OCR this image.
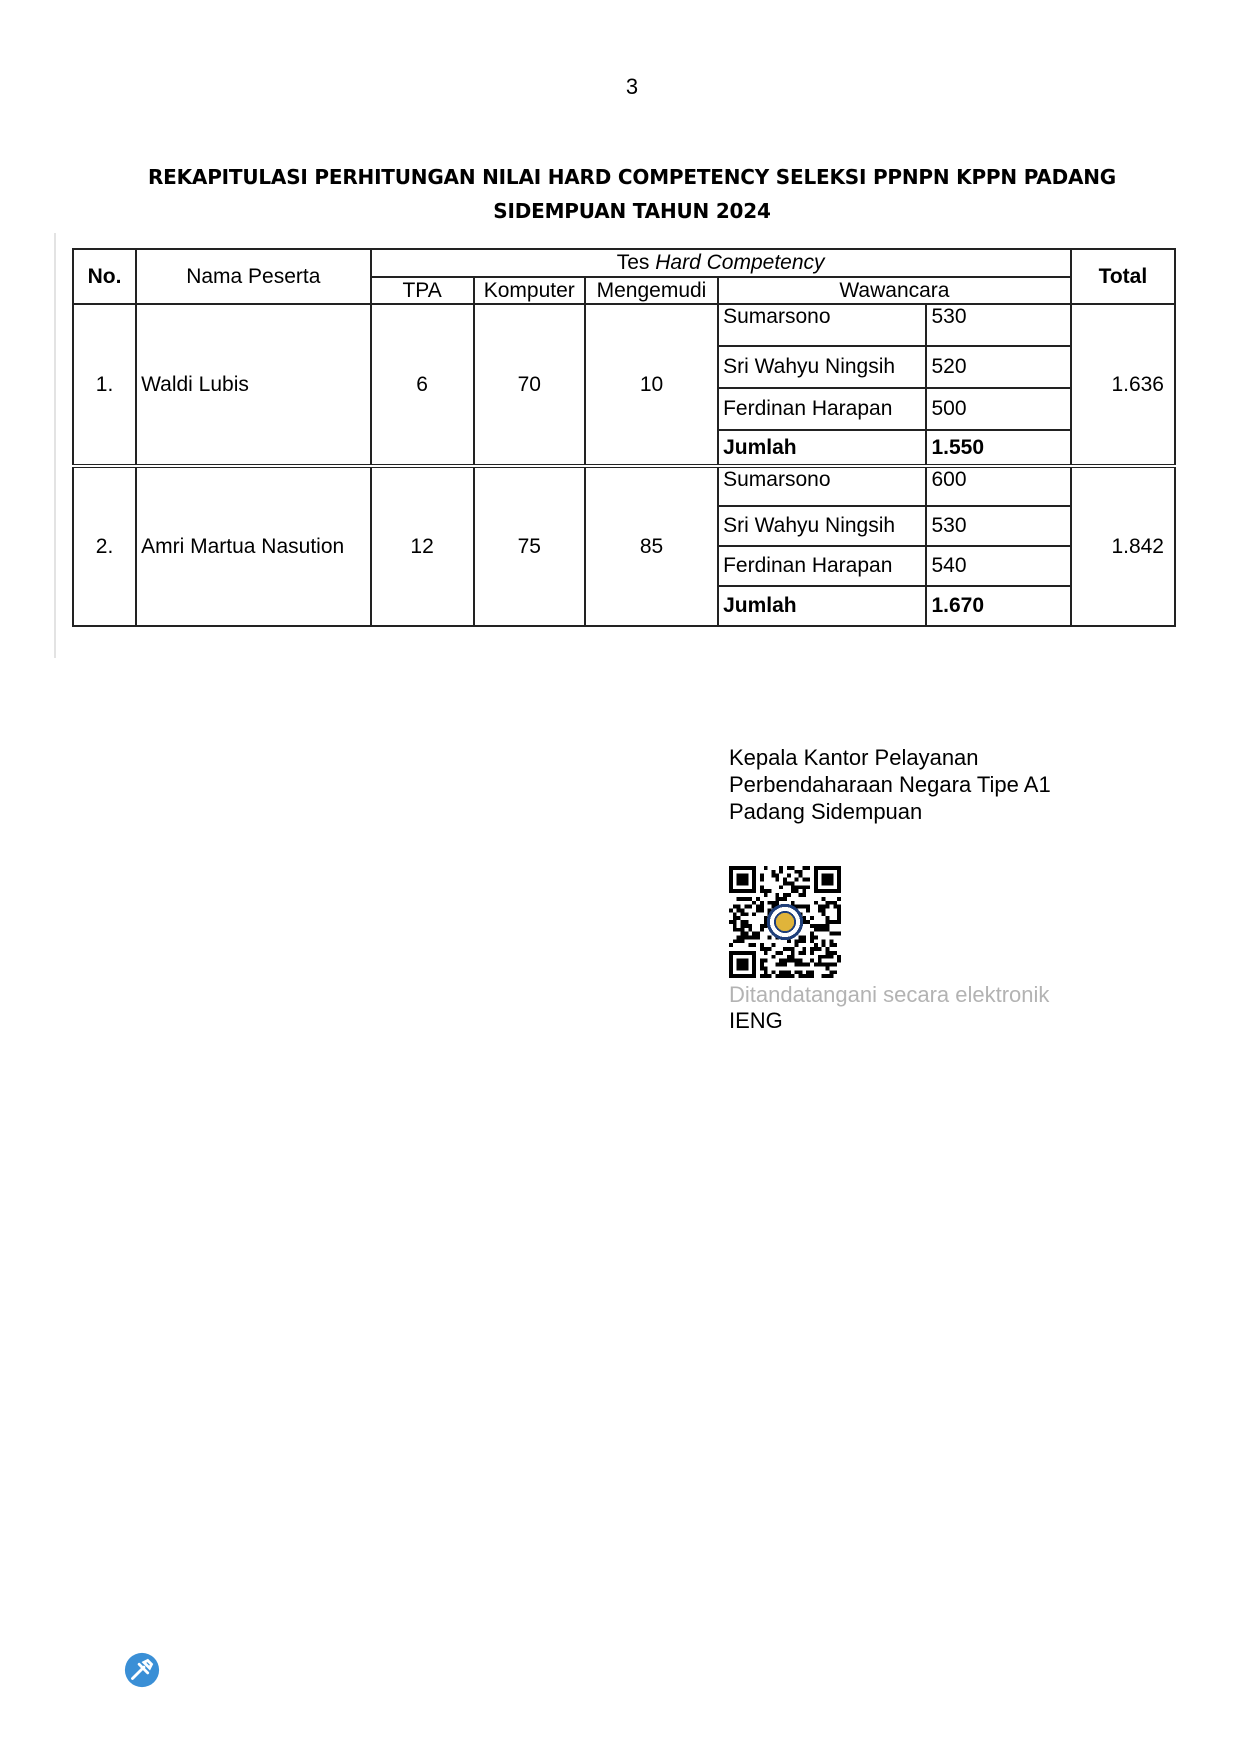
3
REKAPITULASI PERHITUNGAN NILAI HARD COMPETENCY SELEKSI PPNPN KPPN PADANG
SIDEMPUAN TAHUN 2024
No.	Nama Peserta	Tes Hard Competency					Total
		TPA	Komputer	Mengemudi	Wawancara		
1.	Waldi Lubis	6	70	10	Sumarsono	530	1.636
					Sri Wahyu Ningsih	520	
					Ferdinan Harapan	500	
					Jumlah	1.550	
2.	Amri Martua Nasution	12	75	85	Sumarsono	600	1.842
					Sri Wahyu Ningsih	530	
					Ferdinan Harapan	540	
					Jumlah	1.670	
Kepala Kantor Pelayanan
Perbendaharaan Negara Tipe A1
Padang Sidempuan
Ditandatangani secara elektronik
IENG
